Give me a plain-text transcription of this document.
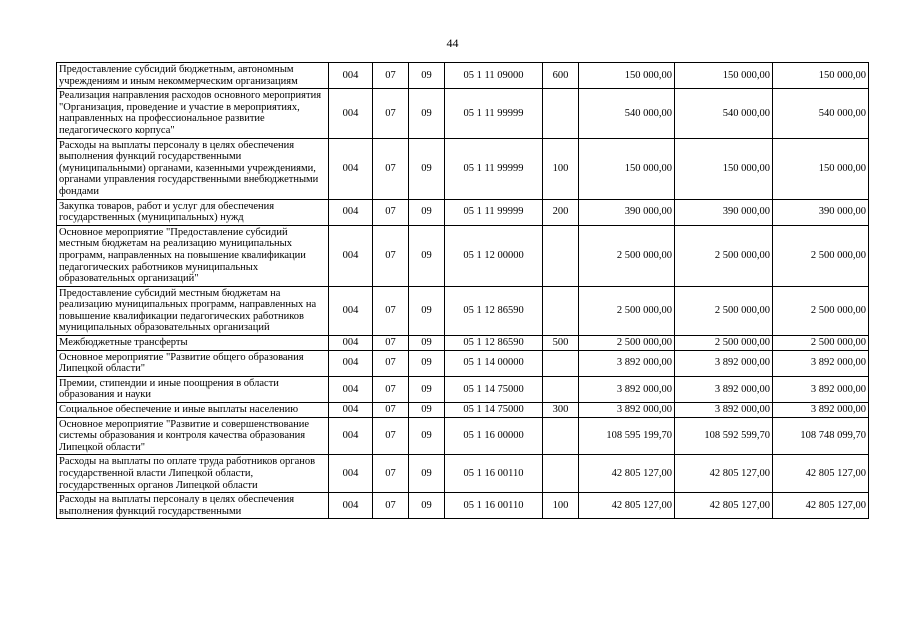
44
Предоставление субсидий бюджетным, автономным учреждениям и иным некоммерческим организациям	004	07	09	05 1 11 09000	600	150 000,00	150 000,00	150 000,00
Реализация направления расходов основного мероприятия "Организация, проведение и участие в мероприятиях, направленных на профессиональное развитие педагогического корпуса"	004	07	09	05 1 11 99999		540 000,00	540 000,00	540 000,00
Расходы на выплаты персоналу в целях обеспечения выполнения функций государственными (муниципальными) органами, казенными учреждениями, органами управления государственными внебюджетными фондами	004	07	09	05 1 11 99999	100	150 000,00	150 000,00	150 000,00
Закупка товаров, работ и услуг для обеспечения государственных (муниципальных) нужд	004	07	09	05 1 11 99999	200	390 000,00	390 000,00	390 000,00
Основное мероприятие "Предоставление субсидий местным бюджетам на реализацию муниципальных программ, направленных на повышение квалификации педагогических работников муниципальных образовательных организаций"	004	07	09	05 1 12 00000		2 500 000,00	2 500 000,00	2 500 000,00
Предоставление субсидий местным бюджетам на реализацию муниципальных программ, направленных на повышение квалификации педагогических работников муниципальных образовательных организаций	004	07	09	05 1 12 86590		2 500 000,00	2 500 000,00	2 500 000,00
Межбюджетные трансферты	004	07	09	05 1 12 86590	500	2 500 000,00	2 500 000,00	2 500 000,00
Основное мероприятие "Развитие общего образования Липецкой области"	004	07	09	05 1 14 00000		3 892 000,00	3 892 000,00	3 892 000,00
Премии, стипендии и иные поощрения в области образования и науки	004	07	09	05 1 14 75000		3 892 000,00	3 892 000,00	3 892 000,00
Социальное обеспечение и иные выплаты населению	004	07	09	05 1 14 75000	300	3 892 000,00	3 892 000,00	3 892 000,00
Основное мероприятие "Развитие и совершенствование системы образования и контроля качества образования Липецкой области"	004	07	09	05 1 16 00000		108 595 199,70	108 592 599,70	108 748 099,70
Расходы на выплаты по оплате труда работников органов государственной власти Липецкой области, государственных органов Липецкой области	004	07	09	05 1 16 00110		42 805 127,00	42 805 127,00	42 805 127,00
Расходы на выплаты персоналу в целях обеспечения выполнения функций государственными	004	07	09	05 1 16 00110	100	42 805 127,00	42 805 127,00	42 805 127,00
